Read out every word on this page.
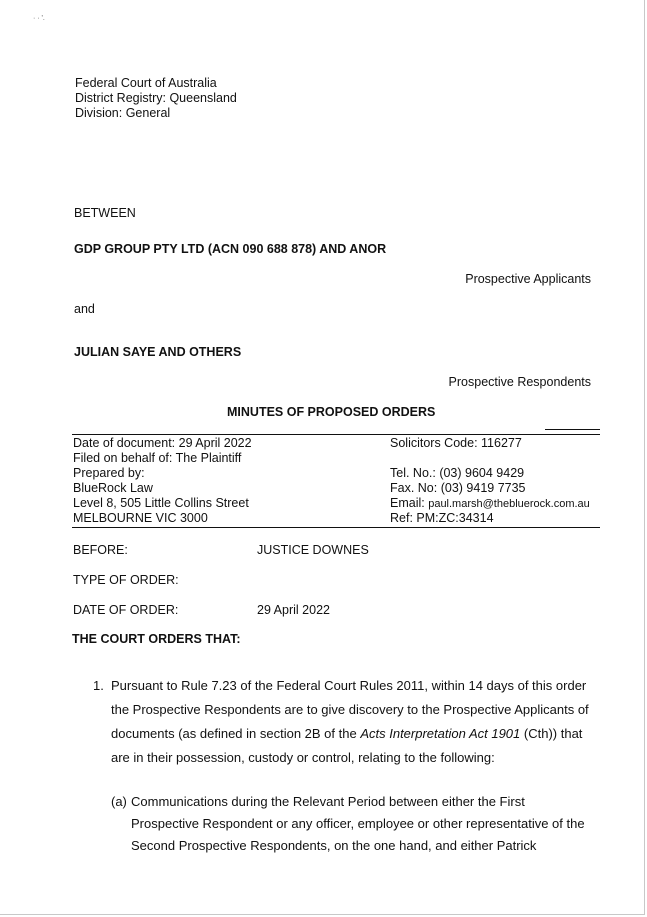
· · '.
Federal Court of Australia
District Registry: Queensland
Division: General
BETWEEN
GDP GROUP PTY LTD (ACN 090 688 878) AND ANOR
Prospective Applicants
and
JULIAN SAYE AND OTHERS
Prospective Respondents
MINUTES OF PROPOSED ORDERS
Date of document: 29 April 2022
Filed on behalf of: The Plaintiff
Prepared by:
BlueRock Law
Level 8, 505 Little Collins Street
MELBOURNE VIC 3000
Solicitors Code: 116277
Tel. No.: (03) 9604 9429
Fax. No: (03) 9419 7735
Email: paul.marsh@thebluerock.com.au
Ref: PM:ZC:34314
BEFORE:	JUSTICE DOWNES
TYPE OF ORDER:
DATE OF ORDER:	29 April 2022
THE COURT ORDERS THAT:
1. Pursuant to Rule 7.23 of the Federal Court Rules 2011, within 14 days of this order
the Prospective Respondents are to give discovery to the Prospective Applicants of
documents (as defined in section 2B of the Acts Interpretation Act 1901 (Cth)) that
are in their possession, custody or control, relating to the following:
(a) Communications during the Relevant Period between either the First
Prospective Respondent or any officer, employee or other representative of the
Second Prospective Respondents, on the one hand, and either Patrick
